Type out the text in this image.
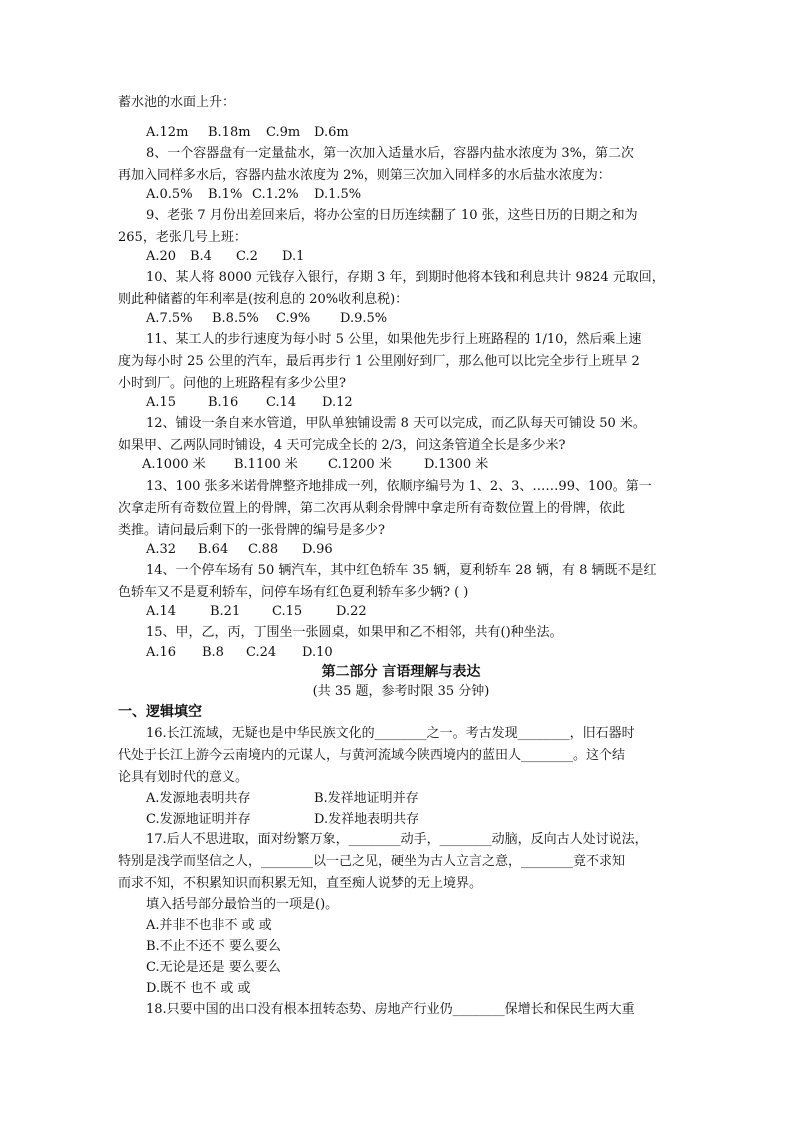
蓄水池的水面上升：
A.12m B.18m C.9m D.6m
8、一个容器盘有一定量盐水，第一次加入适量水后，容器内盐水浓度为 3%，第二次
再加入同样多水后，容器内盐水浓度为 2%，则第三次加入同样多的水后盐水浓度为：
A.0.5% B.1% C.1.2% D.1.5%
9、老张 7 月份出差回来后，将办公室的日历连续翻了 10 张，这些日历的日期之和为
265，老张几号上班：
A.20 B.4 C.2 D.1
10、某人将 8000 元钱存入银行，存期 3 年，到期时他将本钱和利息共计 9824 元取回，
则此种储蓄的年利率是(按利息的 20%收利息税)：
A.7.5% B.8.5% C.9% D.9.5%
11、某工人的步行速度为每小时 5 公里，如果他先步行上班路程的 1/10，然后乘上速
度为每小时 25 公里的汽车，最后再步行 1 公里刚好到厂，那么他可以比完全步行上班早 2
小时到厂。问他的上班路程有多少公里?
A.15 B.16 C.14 D.12
12、铺设一条自来水管道，甲队单独铺设需 8 天可以完成，而乙队每天可铺设 50 米。
如果甲、乙两队同时铺设，4 天可完成全长的 2/3，问这条管道全长是多少米?
A.1000 米 B.1100 米 C.1200 米 D.1300 米
13、100 张多米诺骨牌整齐地排成一列，依顺序编号为 1、2、3、……99、100。第一
次拿走所有奇数位置上的骨牌，第二次再从剩余骨牌中拿走所有奇数位置上的骨牌，依此
类推。请问最后剩下的一张骨牌的编号是多少?
A.32 B.64 C.88 D.96
14、一个停车场有 50 辆汽车，其中红色轿车 35 辆，夏利轿车 28 辆，有 8 辆既不是红
色轿车又不是夏利轿车，问停车场有红色夏利轿车多少辆? ( )
A.14	B.21 C.15	D.22
15、甲，乙，丙，丁围坐一张圆桌，如果甲和乙不相邻，共有()种坐法。
A.16 B.8 C.24 D.10
第二部分 言语理解与表达
(共 35 题，参考时限 35 分钟)
一、逻辑填空
16.长江流域，无疑也是中华民族文化的________之一。考古发现________，旧石器时
代处于长江上游今云南境内的元谋人，与黄河流域今陕西境内的蓝田人________。这个结
论具有划时代的意义。
A.发源地表明共存	B.发祥地证明并存
C.发源地证明并存	D.发祥地表明共存
17.后人不思进取，面对纷繁万象，________动手，________动脑，反向古人处讨说法，
特别是浅学而坚信之人，________以一己之见，硬坐为古人立言之意，________竟不求知
而求不知，不积累知识而积累无知，直至痴人说梦的无上境界。
填入括号部分最恰当的一项是()。
A.并非不也非不 或 或
B.不止不还不 要么要么
C.无论是还是 要么要么
D.既不 也不 或 或
18.只要中国的出口没有根本扭转态势、房地产行业仍________保增长和保民生两大重
